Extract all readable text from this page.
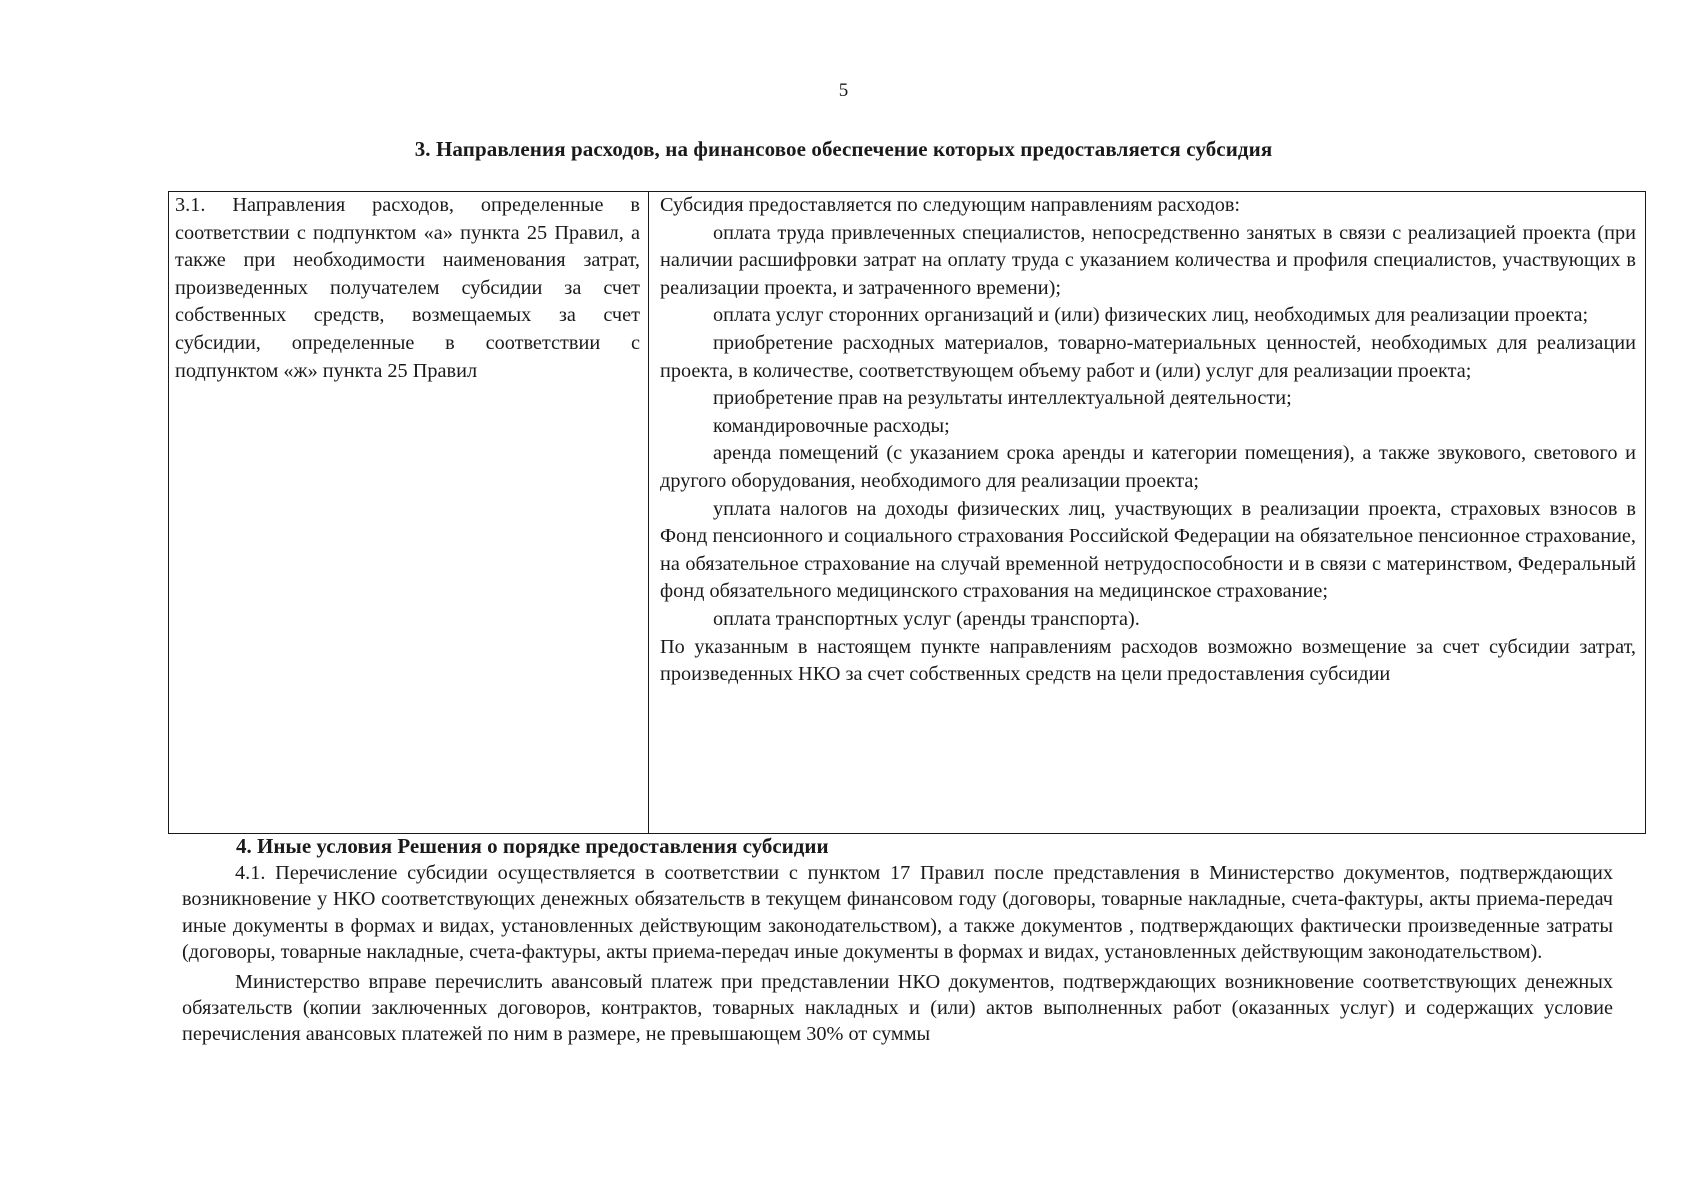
5
3. Направления расходов, на финансовое обеспечение которых предоставляется субсидия
3.1. Направления расходов, определенные в соответствии с подпунктом «а» пункта 25 Правил, а также при необходимости наименования затрат, произведенных получателем субсидии за счет собственных средств, возмещаемых за счет субсидии, определенные в соответствии с подпунктом «ж» пункта 25 Правил

Субсидия предоставляется по следующим направлениям расходов:

оплата труда привлеченных специалистов, непосредственно занятых в связи с реализацией проекта (при наличии расшифровки затрат на оплату труда с указанием количества и профиля специалистов, участвующих в реализации проекта, и затраченного времени);

оплата услуг сторонних организаций и (или) физических лиц, необходимых для реализации проекта;

приобретение расходных материалов, товарно-материальных ценностей, необходимых для реализации проекта, в количестве, соответствующем объему работ и (или) услуг для реализации проекта;

приобретение прав на результаты интеллектуальной деятельности;

командировочные расходы;

аренда помещений (с указанием срока аренды и категории помещения), а также звукового, светового и другого оборудования, необходимого для реализации проекта;

уплата налогов на доходы физических лиц, участвующих в реализации проекта, страховых взносов в Фонд пенсионного и социального страхования Российской Федерации на обязательное пенсионное страхование, на обязательное страхование на случай временной нетрудоспособности и в связи с материнством, Федеральный фонд обязательного медицинского страхования на медицинское страхование;

оплата транспортных услуг (аренды транспорта).

По указанным в настоящем пункте направлениям расходов возможно возмещение за счет субсидии затрат, произведенных НКО за счет собственных средств на цели предоставления субсидии

4. Иные условия Решения о порядке предоставления субсидии

4.1. Перечисление субсидии осуществляется в соответствии с пунктом 17 Правил после представления в Министерство документов, подтверждающих возникновение у НКО соответствующих денежных обязательств в текущем финансовом году (договоры, товарные накладные, счета-фактуры, акты приема-передач иные документы в формах и видах, установленных действующим законодательством), а также документов , подтверждающих фактически произведенные затраты (договоры, товарные накладные, счета-фактуры, акты приема-передач иные документы в формах и видах, установленных действующим законодательством).

Министерство вправе перечислить авансовый платеж при представлении НКО документов, подтверждающих возникновение соответствующих денежных обязательств (копии заключенных договоров, контрактов, товарных накладных и (или) актов выполненных работ (оказанных услуг) и содержащих условие перечисления авансовых платежей по ним в размере, не превышающем 30% от суммы
